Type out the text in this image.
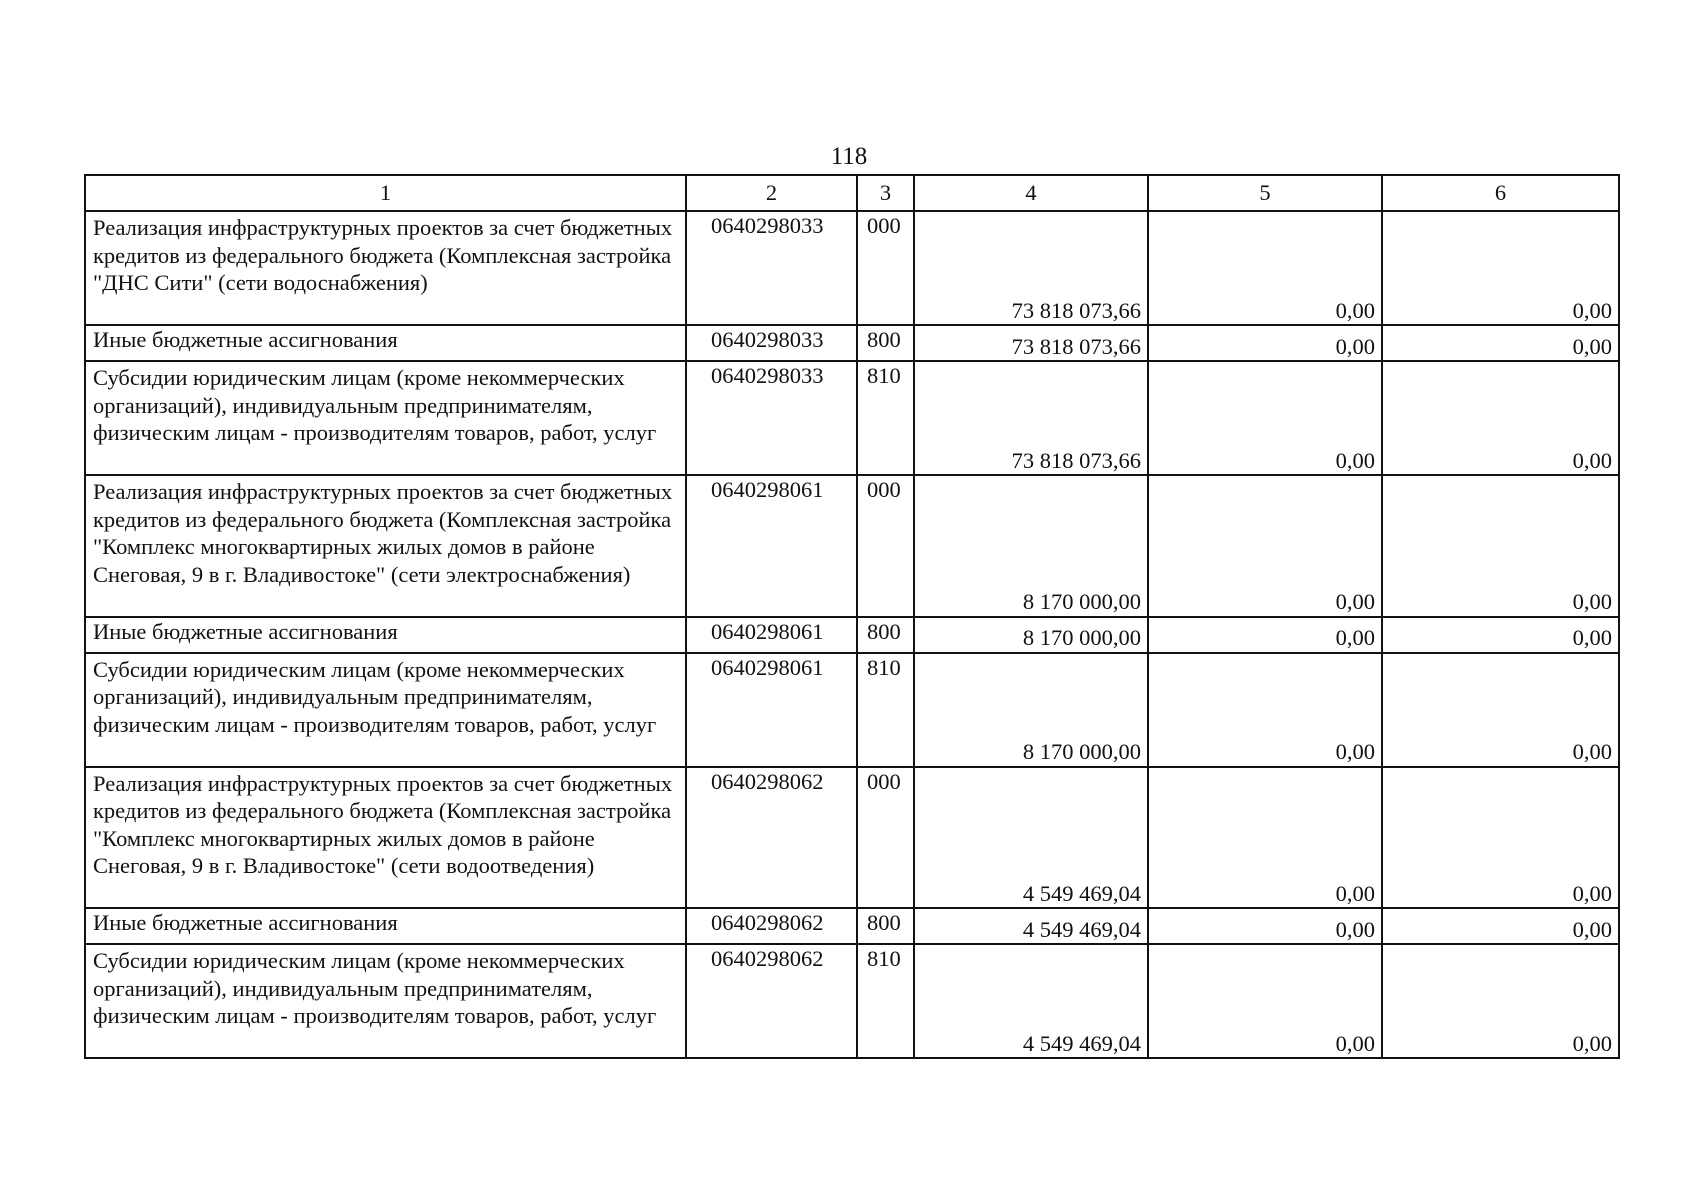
118
1	2	3	4	5	6
Реализация инфраструктурных проектов за счет бюджетных кредитов из федерального бюджета (Комплексная застройка "ДНС Сити" (сети водоснабжения)	0640298033	000	73 818 073,66	0,00	0,00
Иные бюджетные ассигнования	0640298033	800	73 818 073,66	0,00	0,00
Субсидии юридическим лицам (кроме некоммерческих организаций), индивидуальным предпринимателям, физическим лицам - производителям товаров, работ, услуг	0640298033	810	73 818 073,66	0,00	0,00
Реализация инфраструктурных проектов за счет бюджетных кредитов из федерального бюджета (Комплексная застройка "Комплекс многоквартирных жилых домов в районе Снеговая, 9 в г. Владивостоке" (сети электроснабжения)	0640298061	000	8 170 000,00	0,00	0,00
Иные бюджетные ассигнования	0640298061	800	8 170 000,00	0,00	0,00
Субсидии юридическим лицам (кроме некоммерческих организаций), индивидуальным предпринимателям, физическим лицам - производителям товаров, работ, услуг	0640298061	810	8 170 000,00	0,00	0,00
Реализация инфраструктурных проектов за счет бюджетных кредитов из федерального бюджета (Комплексная застройка "Комплекс многоквартирных жилых домов в районе Снеговая, 9 в г. Владивостоке" (сети водоотведения)	0640298062	000	4 549 469,04	0,00	0,00
Иные бюджетные ассигнования	0640298062	800	4 549 469,04	0,00	0,00
Субсидии юридическим лицам (кроме некоммерческих организаций), индивидуальным предпринимателям, физическим лицам - производителям товаров, работ, услуг	0640298062	810	4 549 469,04	0,00	0,00
